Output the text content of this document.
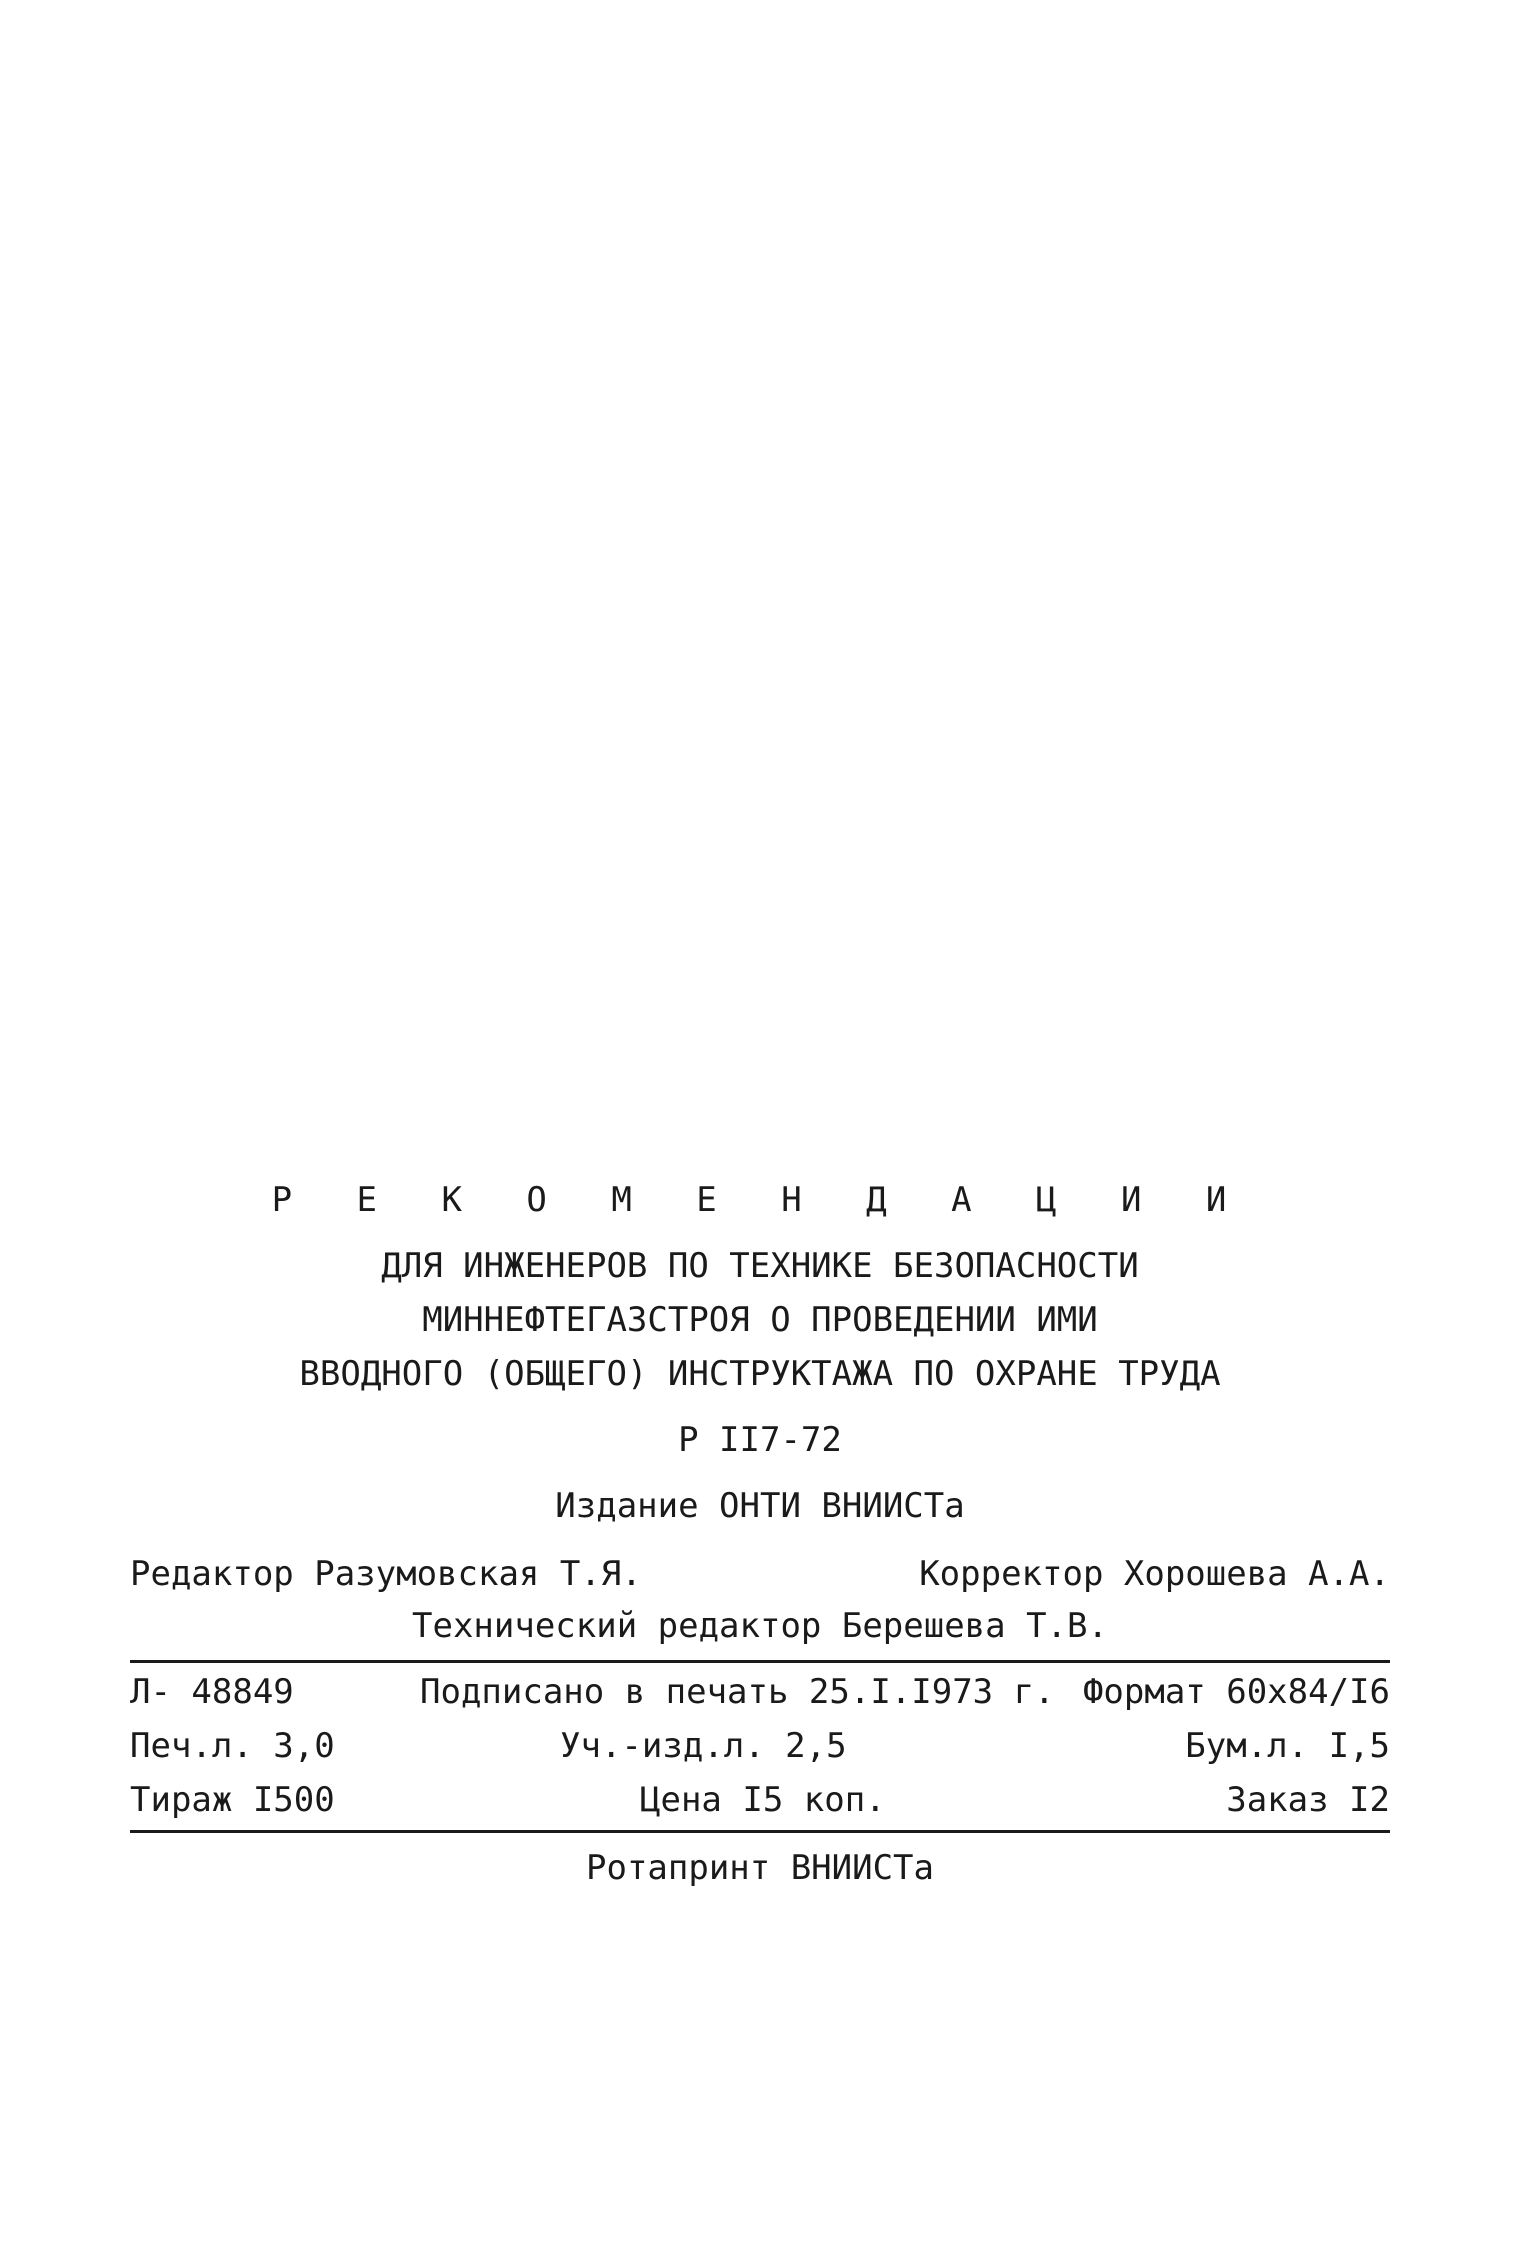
Р Е К О М Е Н Д А Ц И И
ДЛЯ ИНЖЕНЕРОВ ПО ТЕХНИКЕ БЕЗОПАСНОСТИ
МИННЕФТЕГАЗСТРОЯ О ПРОВЕДЕНИИ ИМИ
ВВОДНОГО (ОБЩЕГО) ИНСТРУКТАЖА ПО ОХРАНЕ ТРУДА
Р II7-72
Издание ОНТИ ВНИИСТа
Редактор Разумовская Т.Я.	Корректор Хорошева А.А.
Технический редактор Берешева Т.В.
Л- 48849	Подписано в печать 25.I.I973 г. Формат 60х84/I6
Печ.л. 3,0	Уч.-изд.л. 2,5	Бум.л. I,5
Тираж I500	Цена I5 коп.	Заказ I2
Ротапринт ВНИИСТа
